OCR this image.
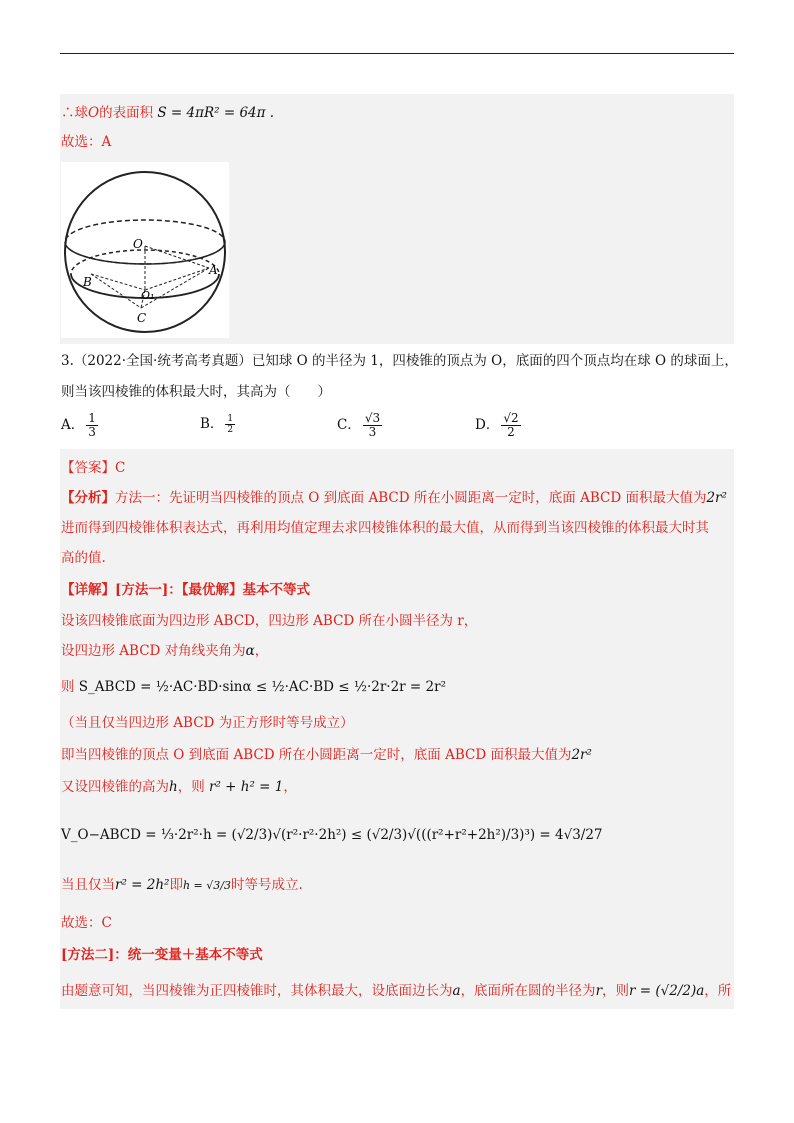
∴球O的表面积 S = 4πR² = 64π .
故选：A
O
O₁
A
B
C
3.（2022·全国·统考高考真题）已知球 O 的半径为 1，四棱锥的顶点为 O，底面的四个顶点均在球 O 的球面上，
则当该四棱锥的体积最大时，其高为（　　）
A． $\frac{1}{3}$	B． $\frac{1}{2}$	C． $\frac{√3}{3}$	D． $\frac{√2}{2}$
【答案】C
【分析】方法一：先证明当四棱锥的顶点 O 到底面 ABCD 所在小圆距离一定时，底面 ABCD 面积最大值为2r²
进而得到四棱锥体积表达式，再利用均值定理去求四棱锥体积的最大值，从而得到当该四棱锥的体积最大时其
高的值.
【详解】[方法一]：【最优解】基本不等式
设该四棱锥底面为四边形 ABCD，四边形 ABCD 所在小圆半径为 r，
设四边形 ABCD 对角线夹角为α，
则 S_ABCD = ½·AC·BD·sinα ≤ ½·AC·BD ≤ ½·2r·2r = 2r²
（当且仅当四边形 ABCD 为正方形时等号成立）
即当四棱锥的顶点 O 到底面 ABCD 所在小圆距离一定时，底面 ABCD 面积最大值为2r²
又设四棱锥的高为h，则 r² + h² = 1，
V_O−ABCD = ⅓·2r²·h = (√2/3)√(r²·r²·2h²) ≤ (√2/3)√(((r²+r²+2h²)/3)³) = 4√3/27
当且仅当r² = 2h²即h = √3/3时等号成立.
故选：C
[方法二]：统一变量＋基本不等式
由题意可知，当四棱锥为正四棱锥时，其体积最大，设底面边长为a，底面所在圆的半径为r，则r = (√2/2)a，所
